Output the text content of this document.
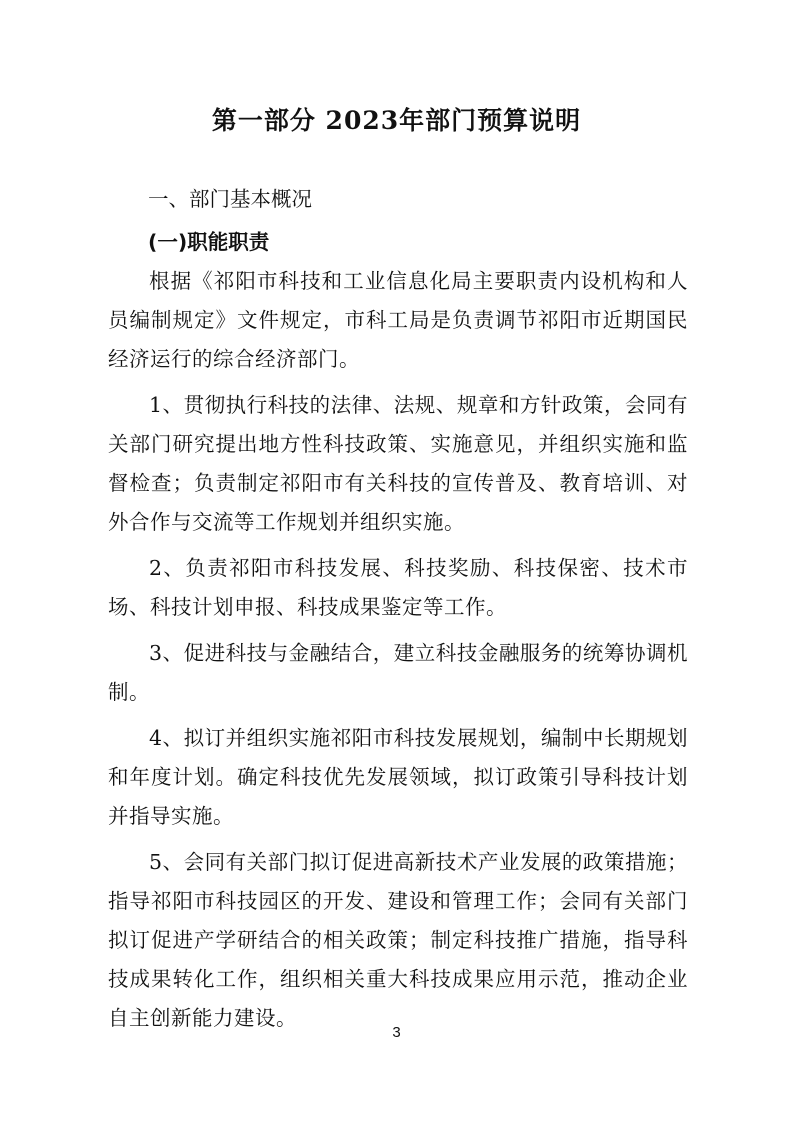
第一部分 2023年部门预算说明
一、部门基本概况
(一)职能职责

根据《祁阳市科技和工业信息化局主要职责内设机构和人员编制规定》文件规定，市科工局是负责调节祁阳市近期国民经济运行的综合经济部门。

1、贯彻执行科技的法律、法规、规章和方针政策，会同有关部门研究提出地方性科技政策、实施意见，并组织实施和监督检查；负责制定祁阳市有关科技的宣传普及、教育培训、对外合作与交流等工作规划并组织实施。

2、负责祁阳市科技发展、科技奖励、科技保密、技术市场、科技计划申报、科技成果鉴定等工作。

3、促进科技与金融结合，建立科技金融服务的统筹协调机制。

4、拟订并组织实施祁阳市科技发展规划，编制中长期规划和年度计划。确定科技优先发展领域，拟订政策引导科技计划并指导实施。

5、会同有关部门拟订促进高新技术产业发展的政策措施；指导祁阳市科技园区的开发、建设和管理工作；会同有关部门拟订促进产学研结合的相关政策；制定科技推广措施，指导科技成果转化工作，组织相关重大科技成果应用示范，推动企业自主创新能力建设。

3
